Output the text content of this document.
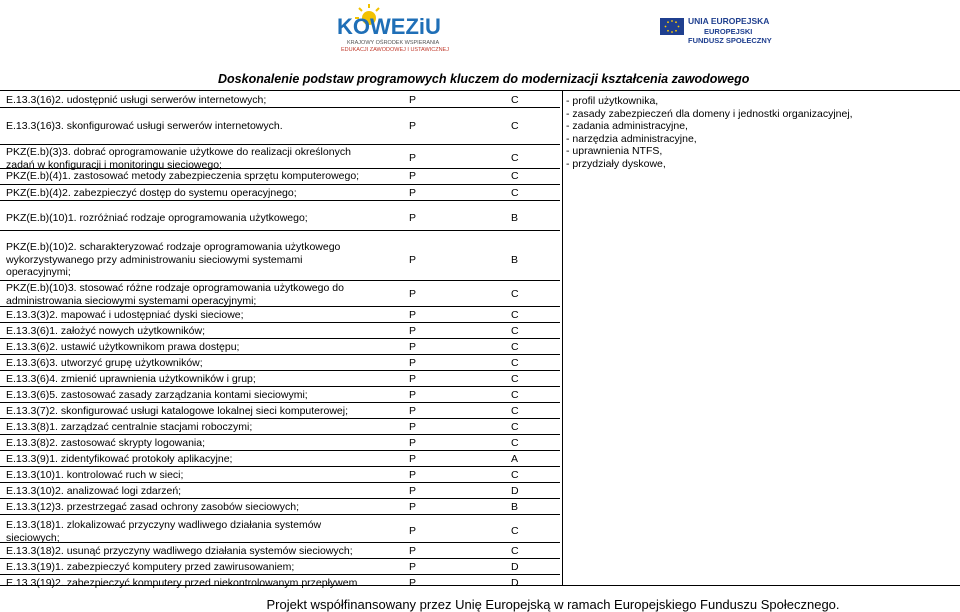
KOWEZiU
KRAJOWY OŚRODEK WSPIERANIA
EDUKACJI ZAWODOWEJ I USTAWICZNEJ
UNIA EUROPEJSKA
EUROPEJSKI
FUNDUSZ SPOŁECZNY
Doskonalenie podstaw programowych kluczem do modernizacji kształcenia zawodowego
E.13.3(16)2. udostępnić usługi serwerów internetowych;	P	C
E.13.3(16)3. skonfigurować usługi serwerów internetowych.	P	C
PKZ(E.b)(3)3. dobrać oprogramowanie użytkowe do realizacji określonych
zadań w konfiguracji i monitoringu sieciowego;
P	C
PKZ(E.b)(4)1. zastosować metody zabezpieczenia sprzętu komputerowego;	P	C
PKZ(E.b)(4)2. zabezpieczyć dostęp do systemu operacyjnego;	P	C
PKZ(E.b)(10)1. rozróżniać rodzaje oprogramowania użytkowego;	P	B
PKZ(E.b)(10)2. scharakteryzować rodzaje oprogramowania użytkowego
wykorzystywanego przy administrowaniu sieciowymi systemami
operacyjnymi;
P	B
PKZ(E.b)(10)3. stosować różne rodzaje oprogramowania użytkowego do
administrowania sieciowymi systemami operacyjnymi;
P	C
E.13.3(3)2. mapować i udostępniać dyski sieciowe;	P	C
E.13.3(6)1. założyć nowych użytkowników;	P	C
E.13.3(6)2. ustawić użytkownikom prawa dostępu;	P	C
E.13.3(6)3. utworzyć grupę użytkowników;	P	C
E.13.3(6)4. zmienić uprawnienia użytkowników i grup;	P	C
E.13.3(6)5. zastosować zasady zarządzania kontami sieciowymi;	P	C
E.13.3(7)2. skonfigurować usługi katalogowe lokalnej sieci komputerowej;	P	C
E.13.3(8)1. zarządzać centralnie stacjami roboczymi;	P	C
E.13.3(8)2. zastosować skrypty logowania;	P	C
E.13.3(9)1. zidentyfikować protokoły aplikacyjne;	P	A
E.13.3(10)1. kontrolować ruch w sieci;	P	C
E.13.3(10)2. analizować logi zdarzeń;	P	D
E.13.3(12)3. przestrzegać zasad ochrony zasobów sieciowych;	P	B
E.13.3(18)1. zlokalizować przyczyny wadliwego działania systemów
sieciowych;
P	C
E.13.3(18)2. usunąć przyczyny wadliwego działania systemów sieciowych;	P	C
E.13.3(19)1. zabezpieczyć komputery przed zawirusowaniem;	P	D
E.13.3(19)2. zabezpieczyć komputery przed niekontrolowanym przepływem	P	D
- profil użytkownika,
- zasady zabezpieczeń dla domeny i jednostki organizacyjnej,
- zadania administracyjne,
- narzędzia administracyjne,
- uprawnienia NTFS,
- przydziały dyskowe,
Projekt współfinansowany przez Unię Europejską w ramach Europejskiego Funduszu Społecznego.
